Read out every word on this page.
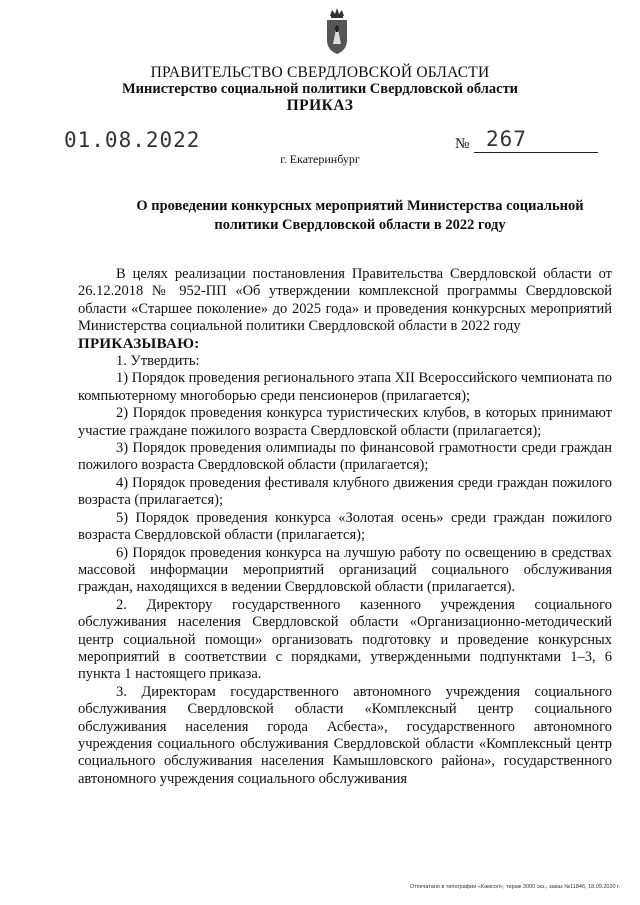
ПРАВИТЕЛЬСТВО СВЕРДЛОВСКОЙ ОБЛАСТИ

Министерство социальной политики Свердловской области

ПРИКАЗ

01.08.2022	№ 267
г. Екатеринбург
О проведении конкурсных мероприятий Министерства социальной
политики Свердловской области в 2022 году

В целях реализации постановления Правительства Свердловской области от 26.12.2018 № 952-ПП «Об утверждении комплексной программы Свердловской области «Старшее поколение» до 2025 года» и проведения конкурсных мероприятий Министерства социальной политики Свердловской области в 2022 году

ПРИКАЗЫВАЮ:

1. Утвердить:

1) Порядок проведения регионального этапа XII Всероссийского чемпионата по компьютерному многоборью среди пенсионеров (прилагается);

2) Порядок проведения конкурса туристических клубов, в которых принимают участие граждане пожилого возраста Свердловской области (прилагается);

3) Порядок проведения олимпиады по финансовой грамотности среди граждан пожилого возраста Свердловской области (прилагается);

4) Порядок проведения фестиваля клубного движения среди граждан пожилого возраста (прилагается);

5) Порядок проведения конкурса «Золотая осень» среди граждан пожилого возраста Свердловской области (прилагается);

6) Порядок проведения конкурса на лучшую работу по освещению в средствах массовой информации мероприятий организаций социального обслуживания граждан, находящихся в ведении Свердловской области (прилагается).

2. Директору государственного казенного учреждения социального обслуживания населения Свердловской области «Организационно-методический центр социальной помощи» организовать подготовку и проведение конкурсных мероприятий в соответствии с порядками, утвержденными подпунктами 1–3, 6 пункта 1 настоящего приказа.

3. Директорам государственного автономного учреждения социального обслуживания Свердловской области «Комплексный центр социального обслуживания населения города Асбеста», государственного автономного учреждения социального обслуживания Свердловской области «Комплексный центр социального обслуживания населения Камышловского района», государственного автономного учреждения социального обслуживания

Отпечатано в типографии «Камсол», тираж 3000 экз., заказ №11846, 18.09.2020 г.
